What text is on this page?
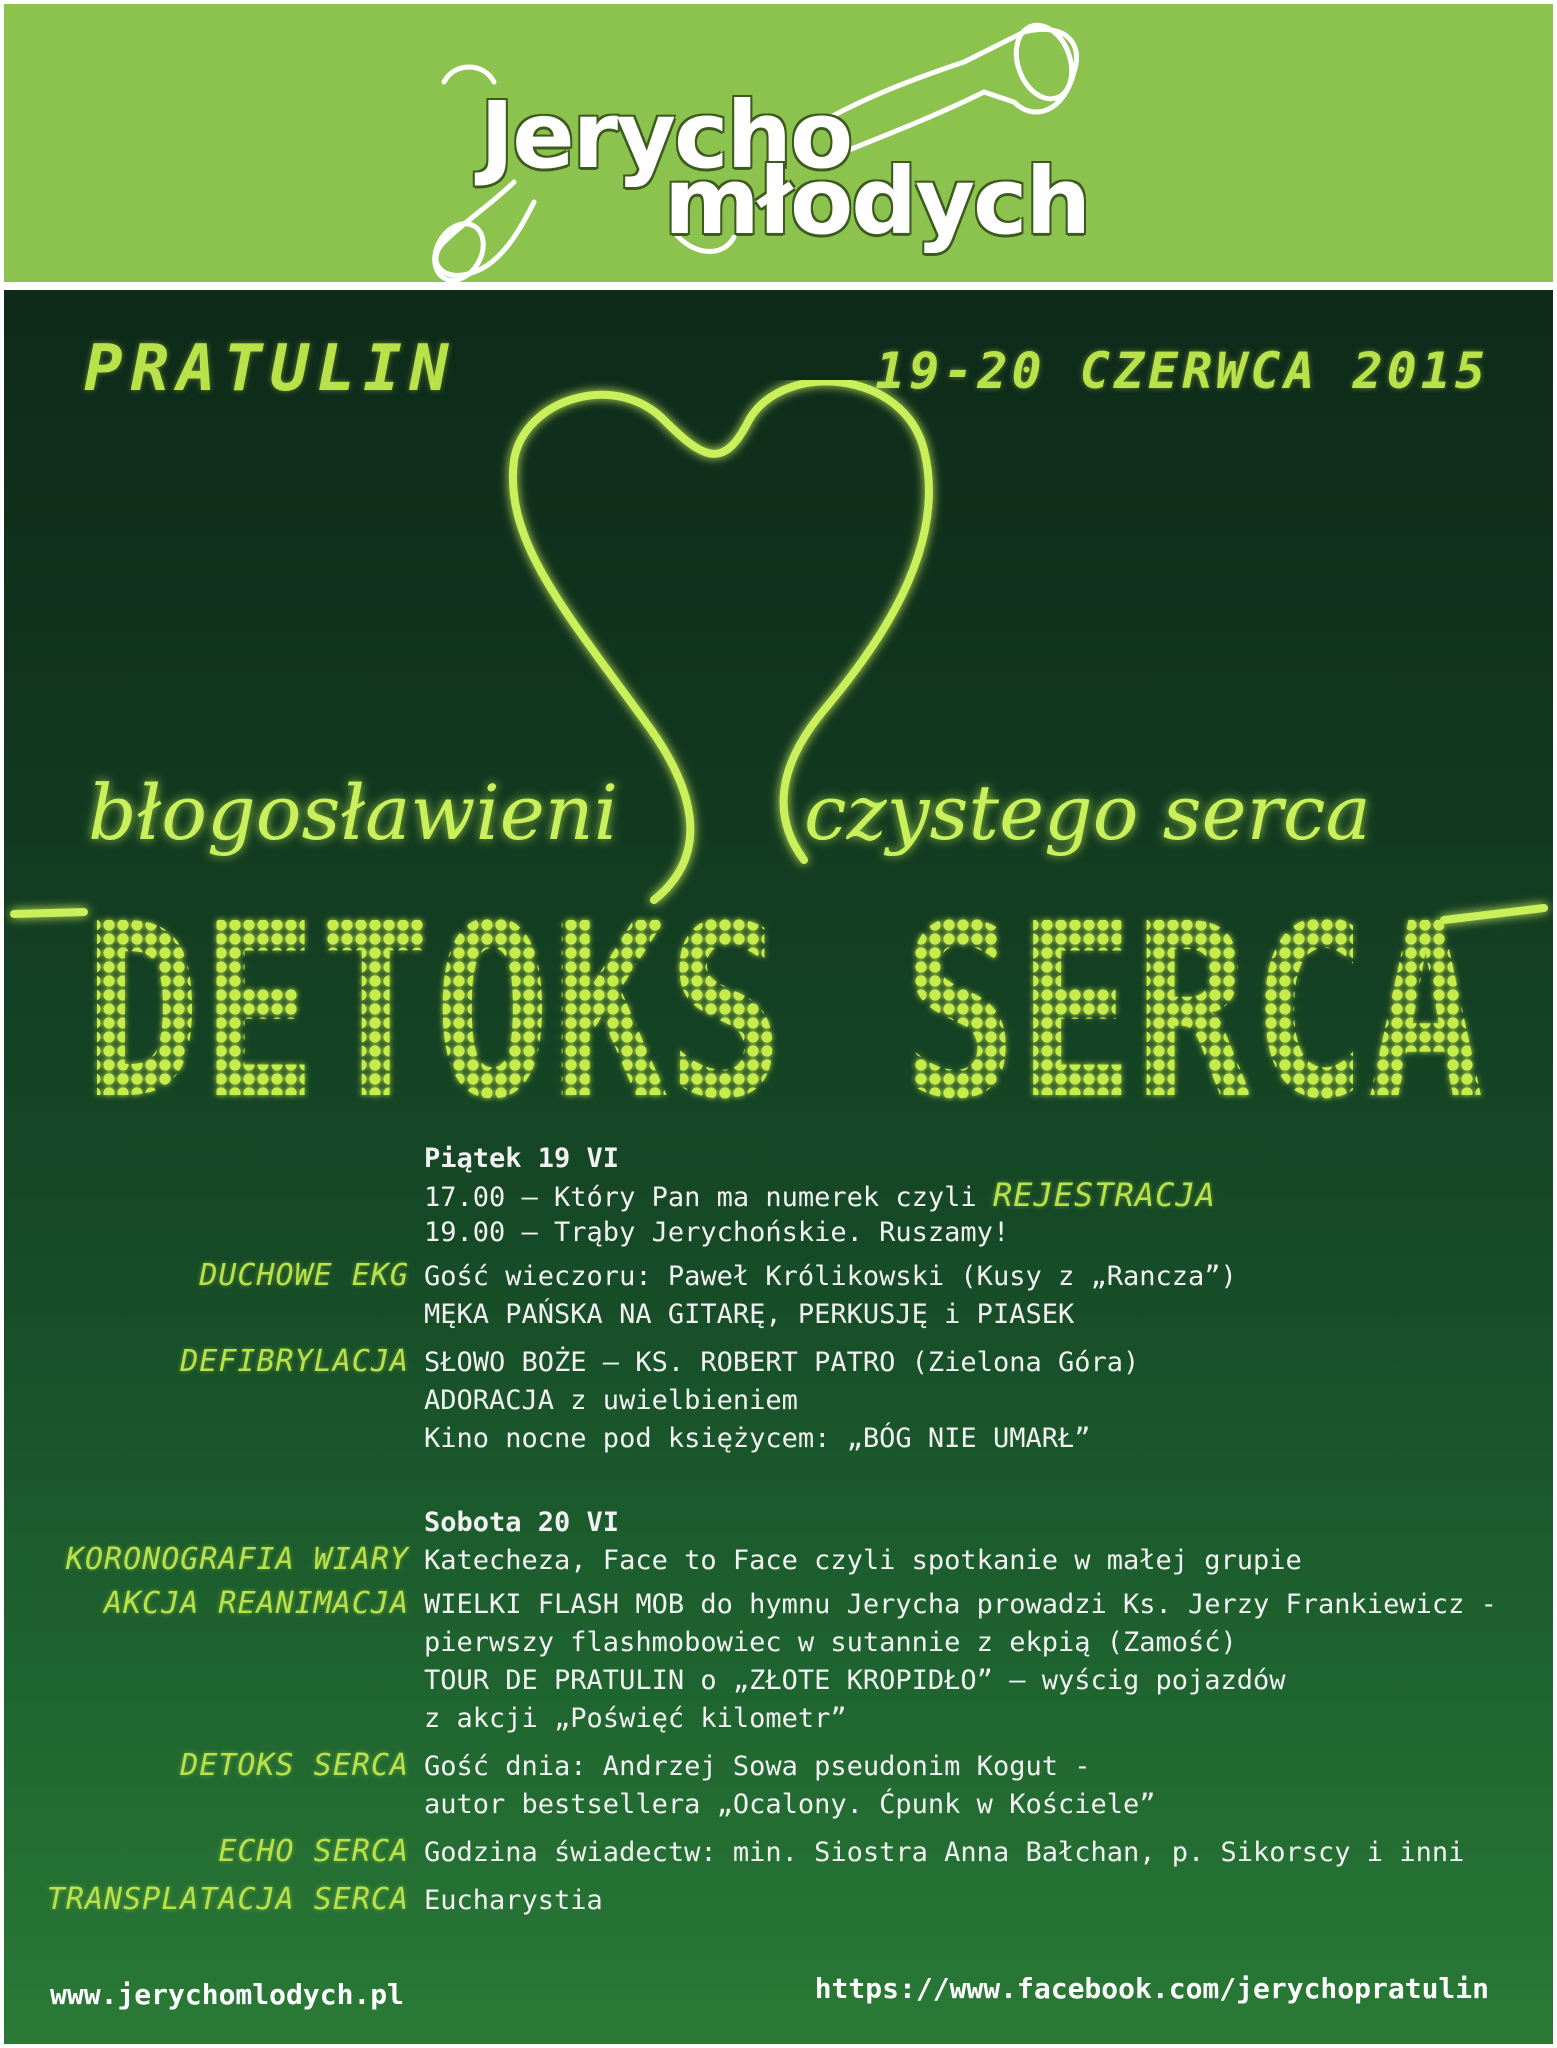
Jerycho
młodych
PRATULIN	19-20 CZERWCA 2015
błogosławieni czystego serca
DETOKS SERCA
Piątek 19 VI
17.00 – Który Pan ma numerek czyli REJESTRACJA
19.00 – Trąby Jerychońskie. Ruszamy!
DUCHOWE EKG Gość wieczoru: Paweł Królikowski (Kusy z „Rancza”)
MĘKA PAŃSKA NA GITARĘ, PERKUSJĘ i PIASEK
DEFIBRYLACJA SŁOWO BOŻE – KS. ROBERT PATRO (Zielona Góra)
ADORACJA z uwielbieniem
Kino nocne pod księżycem: „BÓG NIE UMARŁ”
Sobota 20 VI
KORONOGRAFIA WIARY Katecheza, Face to Face czyli spotkanie w małej grupie
AKCJA REANIMACJA WIELKI FLASH MOB do hymnu Jerycha prowadzi Ks. Jerzy Frankiewicz -
pierwszy flashmobowiec w sutannie z ekpią (Zamość)
TOUR DE PRATULIN o „ZŁOTE KROPIDŁO” – wyścig pojazdów
z akcji „Poświęć kilometr”
DETOKS SERCA Gość dnia: Andrzej Sowa pseudonim Kogut -
autor bestsellera „Ocalony. Ćpunk w Kościele”
ECHO SERCA Godzina świadectw: min. Siostra Anna Bałchan, p. Sikorscy i inni
TRANSPLATACJA SERCA Eucharystia
www.jerychomlodych.pl	https://www.facebook.com/jerychopratulin
